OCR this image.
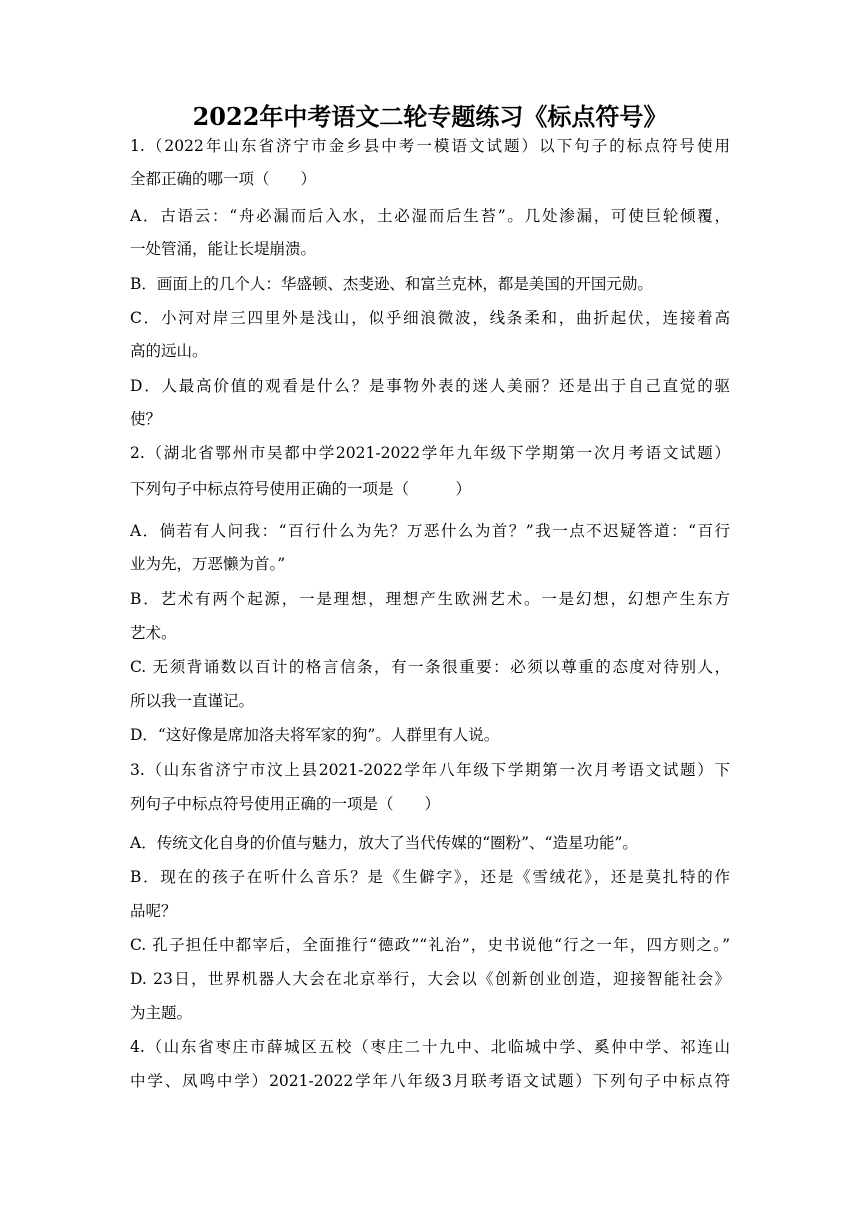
2022年中考语文二轮专题练习《标点符号》
1.（2022年山东省济宁市金乡县中考一模语文试题）以下句子的标点符号使用
全都正确的哪一项（　　）
A．古语云：“舟必漏而后入水，土必湿而后生苔”。几处渗漏，可使巨轮倾覆，
一处管涌，能让长堤崩溃。
B．画面上的几个人：华盛顿、杰斐逊、和富兰克林，都是美国的开国元勋。
C．小河对岸三四里外是浅山，似乎细浪微波，线条柔和，曲折起伏，连接着高
高的远山。
D．人最高价值的观看是什么？是事物外表的迷人美丽？还是出于自己直觉的驱
使？
2.（湖北省鄂州市吴都中学2021-2022学年九年级下学期第一次月考语文试题）
下列句子中标点符号使用正确的一项是（　　　）
A．倘若有人问我：“百行什么为先？万恶什么为首？”我一点不迟疑答道：“百行
业为先，万恶懒为首。”
B．艺术有两个起源，一是理想，理想产生欧洲艺术。一是幻想，幻想产生东方
艺术。
C. 无须背诵数以百计的格言信条，有一条很重要：必须以尊重的态度对待别人，
所以我一直谨记。
D．“这好像是席加洛夫将军家的狗”。人群里有人说。
3.（山东省济宁市汶上县2021-2022学年八年级下学期第一次月考语文试题）下
列句子中标点符号使用正确的一项是（　　）
A．传统文化自身的价值与魅力，放大了当代传媒的“圈粉”、“造星功能”。
B．现在的孩子在听什么音乐？是《生僻字》，还是《雪绒花》，还是莫扎特的作
品呢？
C. 孔子担任中都宰后，全面推行“德政”“礼治”，史书说他“行之一年，四方则之。”
D. 23日，世界机器人大会在北京举行，大会以《创新创业创造，迎接智能社会》
为主题。
4.（山东省枣庄市薛城区五校（枣庄二十九中、北临城中学、奚仲中学、祁连山
中学、凤鸣中学）2021-2022学年八年级3月联考语文试题）下列句子中标点符
